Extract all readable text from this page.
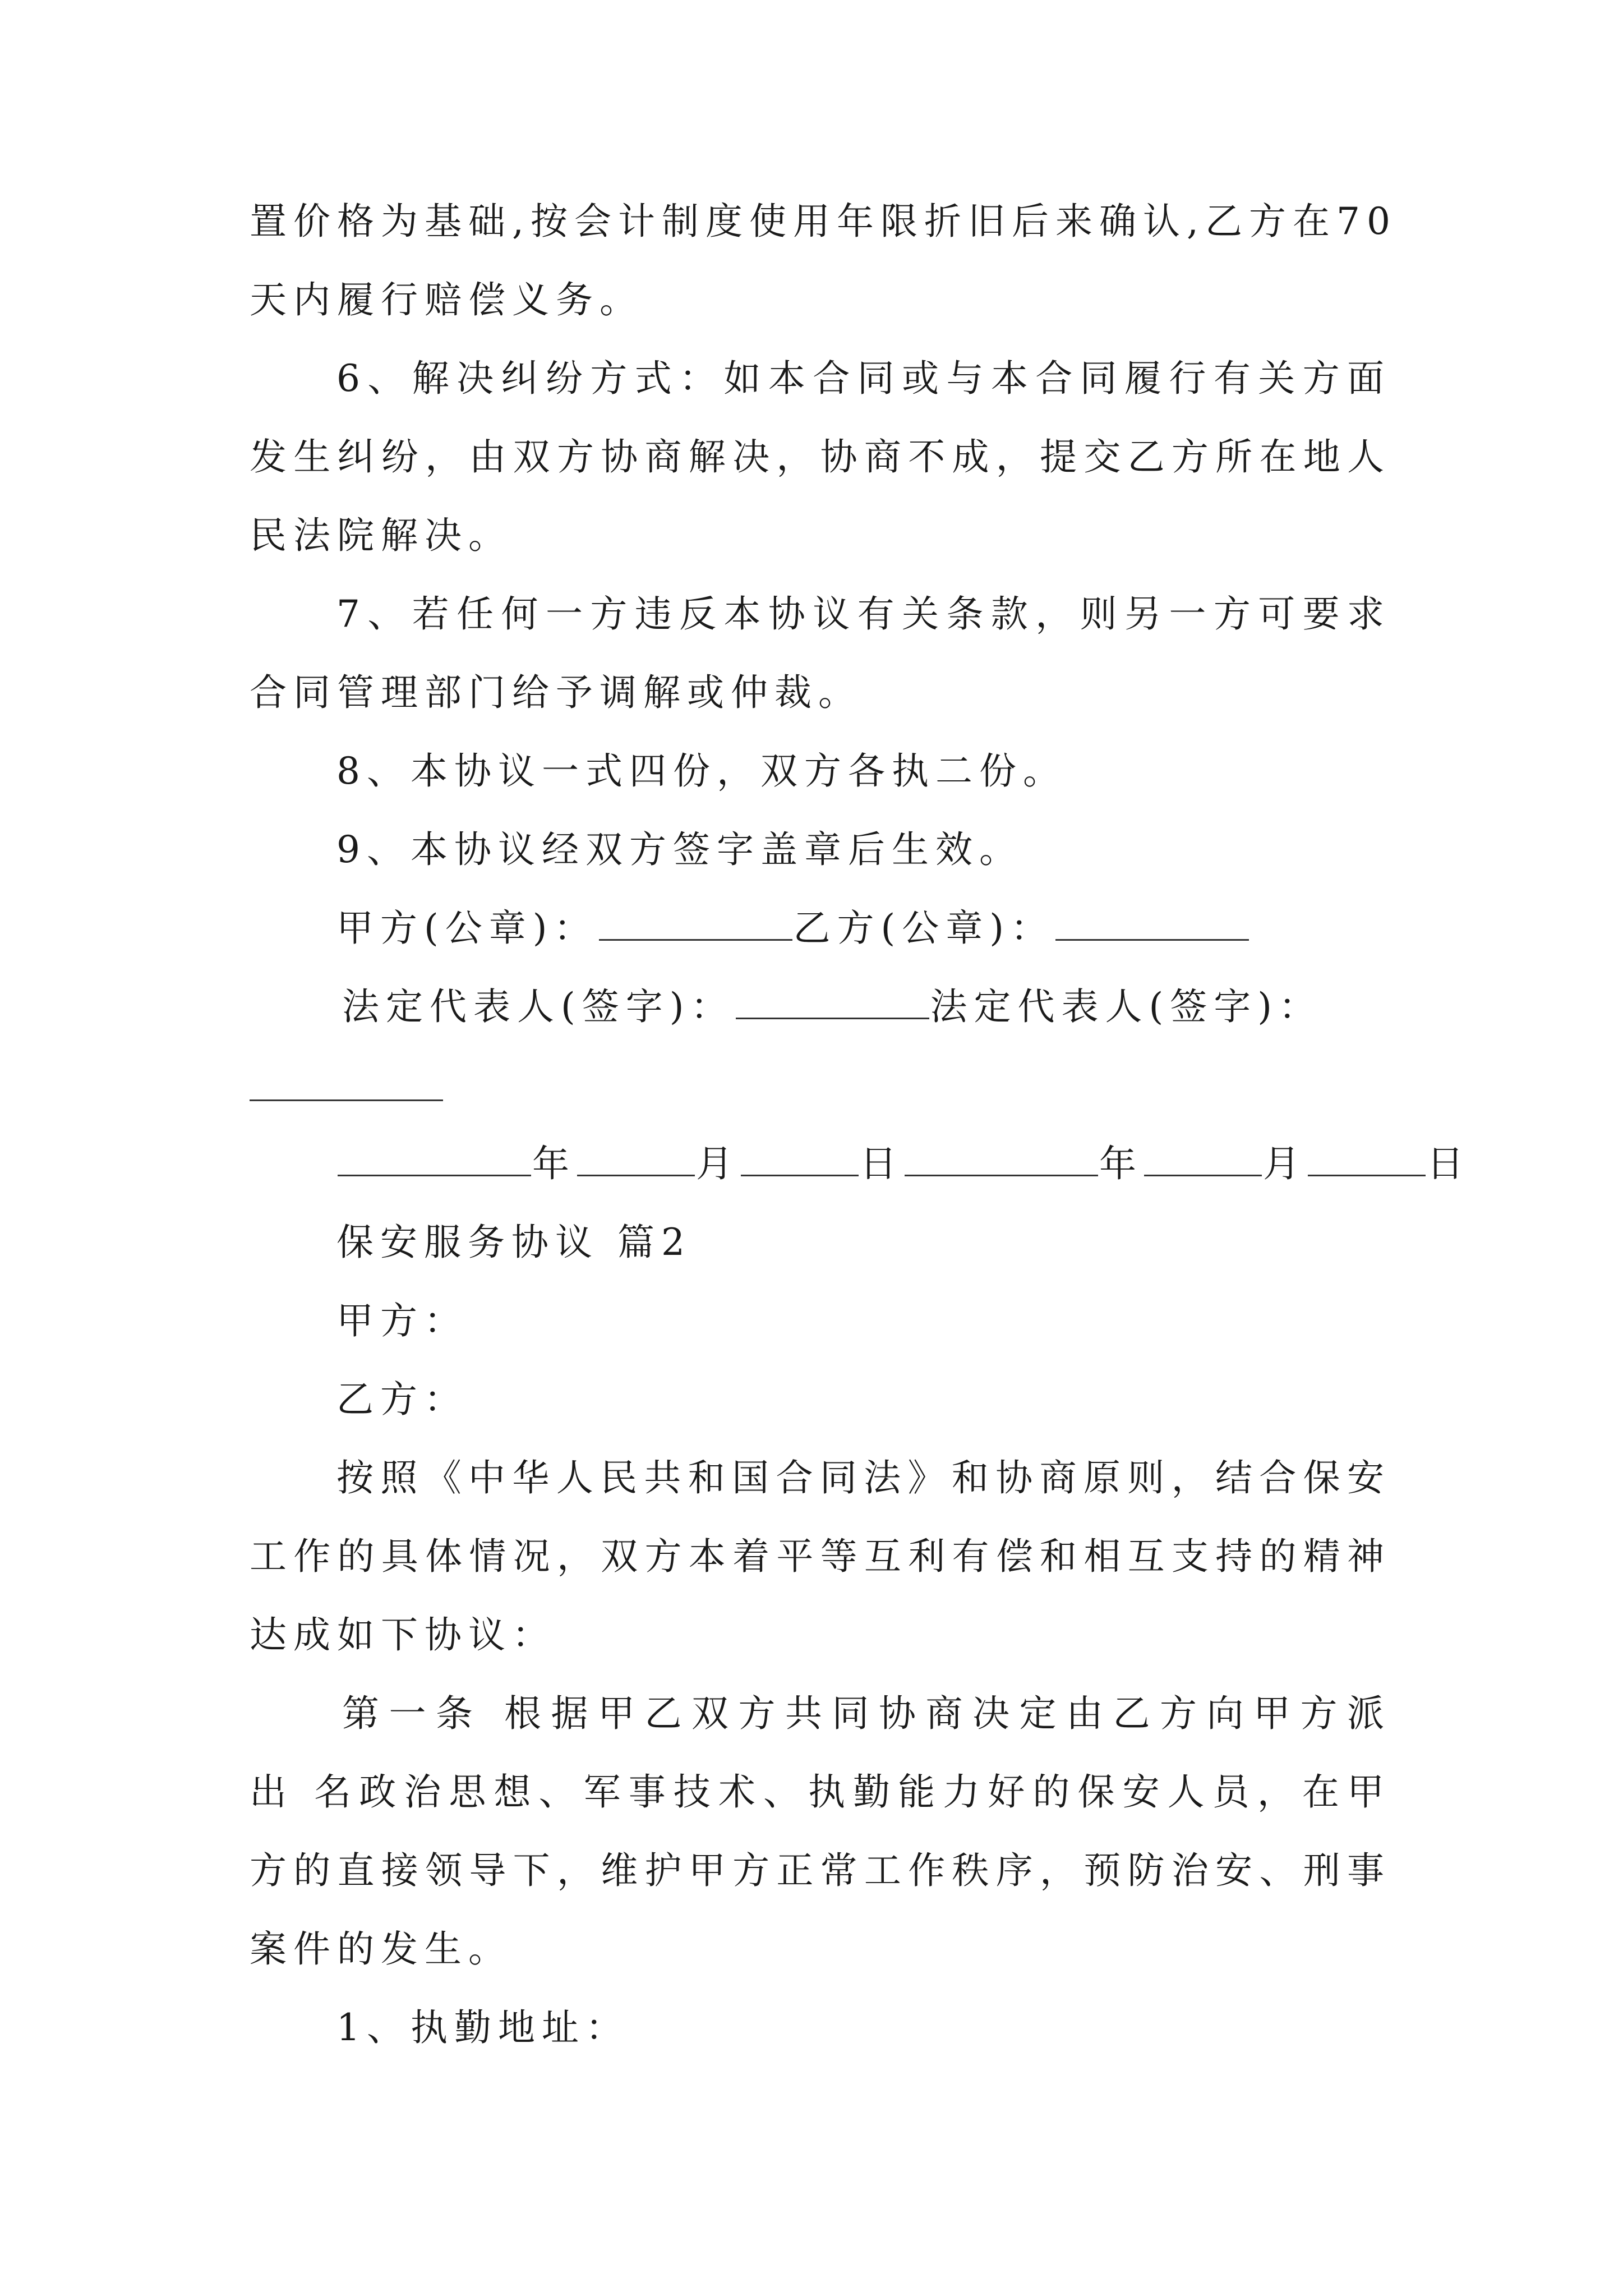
置价格为基础,按会计制度使用年限折旧后来确认,乙方在70
天内履行赔偿义务。
6、解决纠纷方式：如本合同或与本合同履行有关方面
发生纠纷，由双方协商解决，协商不成，提交乙方所在地人
民法院解决。
7、若任何一方违反本协议有关条款，则另一方可要求
合同管理部门给予调解或仲裁。
8、本协议一式四份，双方各执二份。
9、本协议经双方签字盖章后生效。
甲方(公章)：	乙方(公章)：
法定代表人(签字)：	法定代表人(签字)：
年	月	日	年	月	日
保安服务协议 篇2
甲方：
乙方：
按照《中华人民共和国合同法》和协商原则，结合保安
工作的具体情况，双方本着平等互利有偿和相互支持的精神
达成如下协议：
第一条 根据甲乙双方共同协商决定由乙方向甲方派
出 名政治思想、军事技术、执勤能力好的保安人员，在甲
方的直接领导下，维护甲方正常工作秩序，预防治安、刑事
案件的发生。
1、执勤地址：
